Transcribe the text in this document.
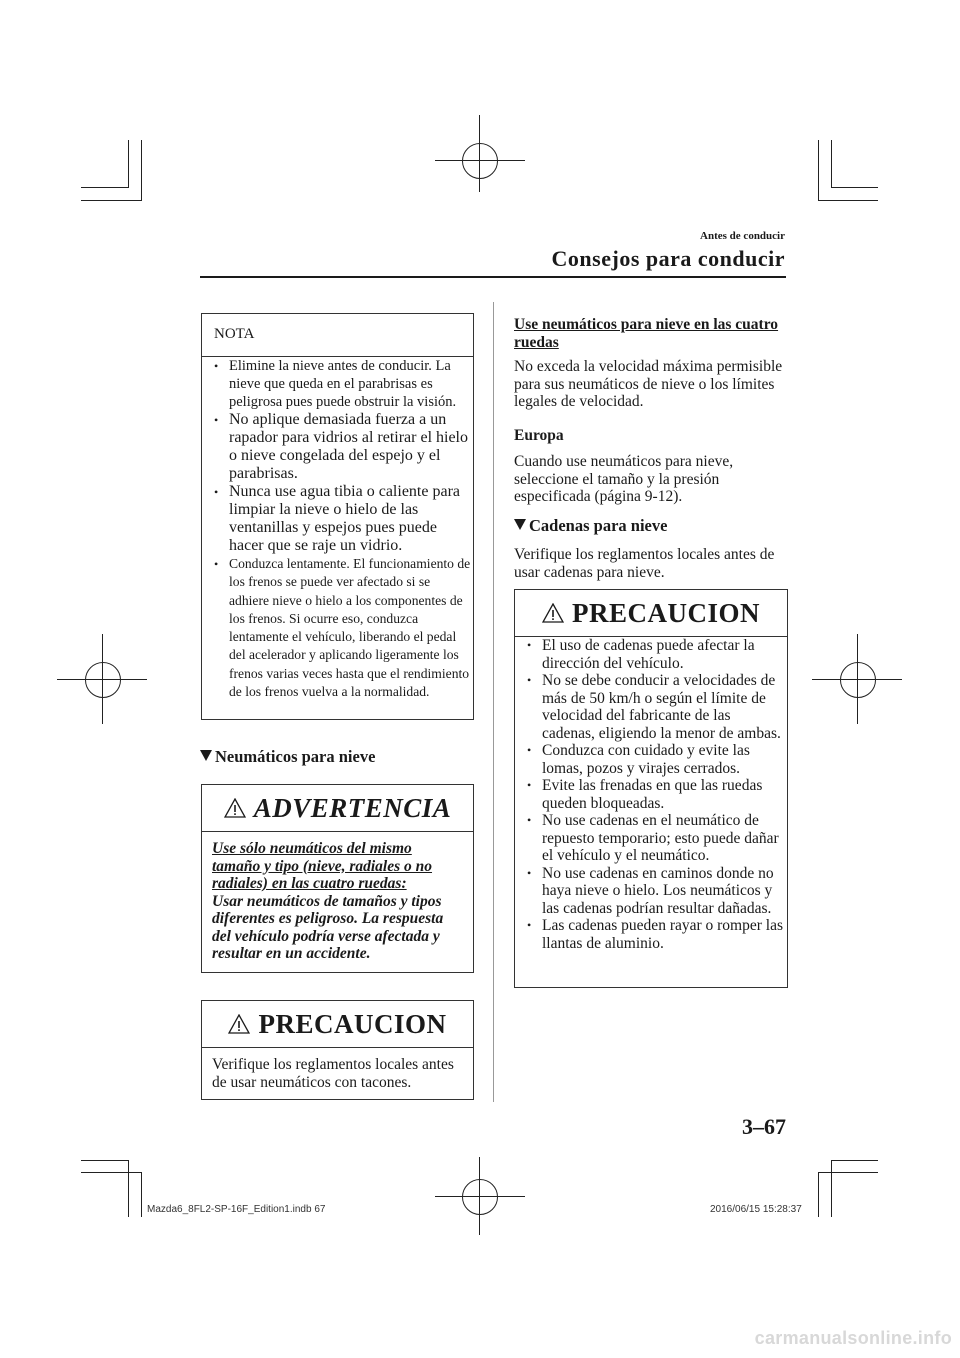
Antes de conducir
Consejos para conducir
NOTA
• Elimine la nieve antes de conducir. La nieve que queda en el parabrisas es peligrosa pues puede obstruir la visión.
• No aplique demasiada fuerza a un rapador para vidrios al retirar el hielo o nieve congelada del espejo y el parabrisas.
• Nunca use agua tibia o caliente para limpiar la nieve o hielo de las ventanillas y espejos pues puede hacer que se raje un vidrio.
• Conduzca lentamente. El funcionamiento de los frenos se puede ver afectado si se adhiere nieve o hielo a los componentes de los frenos. Si ocurre eso, conduzca lentamente el vehículo, liberando el pedal del acelerador y aplicando ligeramente los frenos varias veces hasta que el rendimiento de los frenos vuelva a la normalidad.
Neumáticos para nieve
ADVERTENCIA
Use sólo neumáticos del mismo tamaño y tipo (nieve, radiales o no radiales) en las cuatro ruedas:
Usar neumáticos de tamaños y tipos diferentes es peligroso. La respuesta del vehículo podría verse afectada y resultar en un accidente.
PRECAUCION
Verifique los reglamentos locales antes de usar neumáticos con tacones.
Use neumáticos para nieve en las cuatro ruedas
No exceda la velocidad máxima permisible para sus neumáticos de nieve o los límites legales de velocidad.
Europa
Cuando use neumáticos para nieve, seleccione el tamaño y la presión especificada (página 9-12).
Cadenas para nieve
Verifique los reglamentos locales antes de usar cadenas para nieve.
PRECAUCION
• El uso de cadenas puede afectar la dirección del vehículo.
• No se debe conducir a velocidades de más de 50 km/h o según el límite de velocidad del fabricante de las cadenas, eligiendo la menor de ambas.
• Conduzca con cuidado y evite las lomas, pozos y virajes cerrados.
• Evite las frenadas en que las ruedas queden bloqueadas.
• No use cadenas en el neumático de repuesto temporario; esto puede dañar el vehículo y el neumático.
• No use cadenas en caminos donde no haya nieve o hielo. Los neumáticos y las cadenas podrían resultar dañadas.
• Las cadenas pueden rayar o romper las llantas de aluminio.
3–67
Mazda6_8FL2-SP-16F_Edition1.indb 67	2016/06/15 15:28:37
carmanualsonline.info
